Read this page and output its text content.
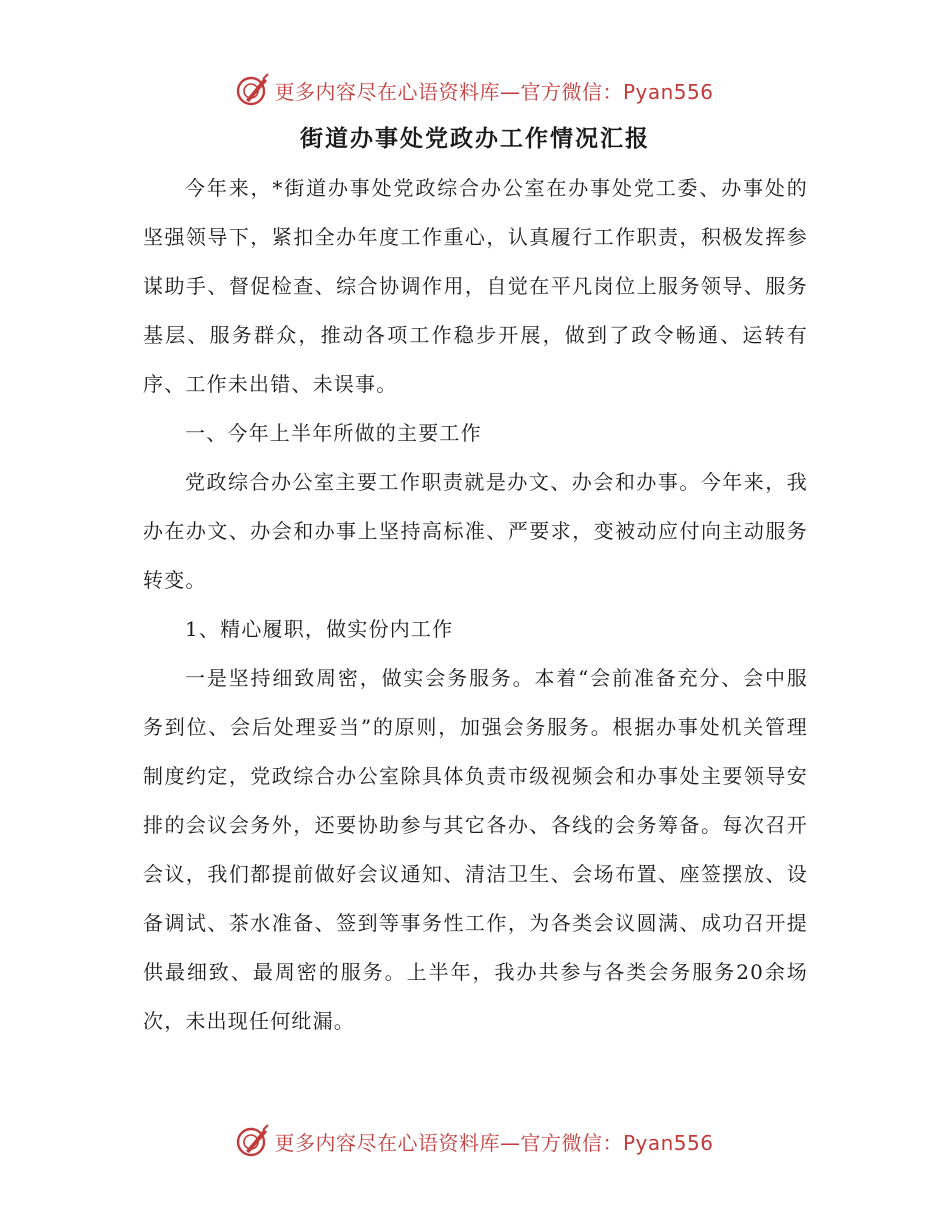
更多内容尽在心语资料库—官方微信：Pyan556
街道办事处党政办工作情况汇报

今年来，*街道办事处党政综合办公室在办事处党工委、办事处的坚强领导下，紧扣全办年度工作重心，认真履行工作职责，积极发挥参谋助手、督促检查、综合协调作用，自觉在平凡岗位上服务领导、服务基层、服务群众，推动各项工作稳步开展，做到了政令畅通、运转有序、工作未出错、未误事。

一、今年上半年所做的主要工作

党政综合办公室主要工作职责就是办文、办会和办事。今年来，我办在办文、办会和办事上坚持高标准、严要求，变被动应付向主动服务转变。

1、精心履职，做实份内工作

一是坚持细致周密，做实会务服务。本着“会前准备充分、会中服务到位、会后处理妥当”的原则，加强会务服务。根据办事处机关管理制度约定，党政综合办公室除具体负责市级视频会和办事处主要领导安排的会议会务外，还要协助参与其它各办、各线的会务筹备。每次召开会议，我们都提前做好会议通知、清洁卫生、会场布置、座签摆放、设备调试、茶水准备、签到等事务性工作，为各类会议圆满、成功召开提供最细致、最周密的服务。上半年，我办共参与各类会务服务20余场次，未出现任何纰漏。

更多内容尽在心语资料库—官方微信：Pyan556
